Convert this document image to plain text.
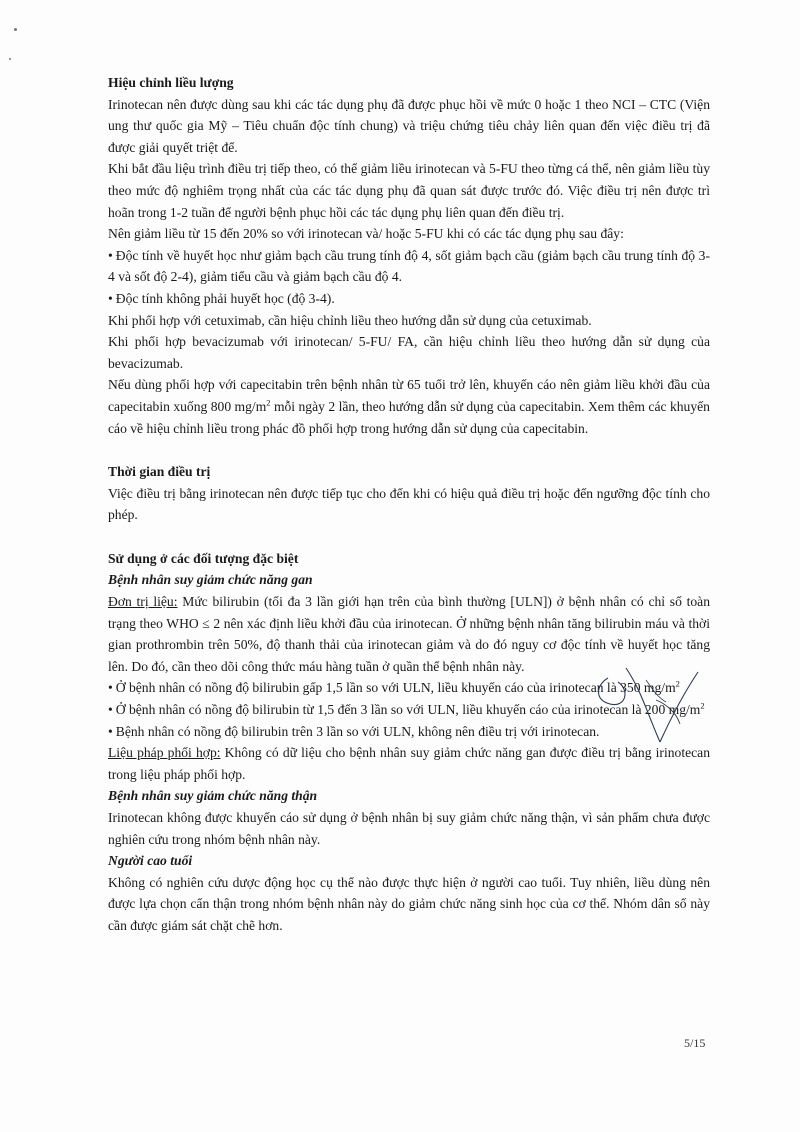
Hiệu chỉnh liều lượng

Irinotecan nên được dùng sau khi các tác dụng phụ đã được phục hồi về mức 0 hoặc 1 theo NCI – CTC (Viện ung thư quốc gia Mỹ – Tiêu chuẩn độc tính chung) và triệu chứng tiêu chảy liên quan đến việc điều trị đã được giải quyết triệt để.

Khi bắt đầu liệu trình điều trị tiếp theo, có thể giảm liều irinotecan và 5-FU theo từng cá thể, nên giảm liều tùy theo mức độ nghiêm trọng nhất của các tác dụng phụ đã quan sát được trước đó. Việc điều trị nên được trì hoãn trong 1-2 tuần để người bệnh phục hồi các tác dụng phụ liên quan đến điều trị.

Nên giảm liều từ 15 đến 20% so với irinotecan và/ hoặc 5-FU khi có các tác dụng phụ sau đây:

• Độc tính về huyết học như giảm bạch cầu trung tính độ 4, sốt giảm bạch cầu (giảm bạch cầu trung tính độ 3-4 và sốt độ 2-4), giảm tiểu cầu và giảm bạch cầu độ 4.

• Độc tính không phải huyết học (độ 3-4).

Khi phối hợp với cetuximab, cần hiệu chỉnh liều theo hướng dẫn sử dụng của cetuximab.

Khi phối hợp bevacizumab với irinotecan/ 5-FU/ FA, cần hiệu chỉnh liều theo hướng dẫn sử dụng của bevacizumab.

Nếu dùng phối hợp với capecitabin trên bệnh nhân từ 65 tuổi trở lên, khuyến cáo nên giảm liều khởi đầu của capecitabin xuống 800 $mg/m^2$ mỗi ngày 2 lần, theo hướng dẫn sử dụng của capecitabin. Xem thêm các khuyến cáo về hiệu chỉnh liều trong phác đồ phối hợp trong hướng dẫn sử dụng của capecitabin.

Thời gian điều trị

Việc điều trị bằng irinotecan nên được tiếp tục cho đến khi có hiệu quả điều trị hoặc đến ngưỡng độc tính cho phép.

Sử dụng ở các đối tượng đặc biệt

Bệnh nhân suy giảm chức năng gan

Đơn trị liệu: Mức bilirubin (tối đa 3 lần giới hạn trên của bình thường [ULN]) ở bệnh nhân có chỉ số toàn trạng theo WHO ≤ 2 nên xác định liều khởi đầu của irinotecan. Ở những bệnh nhân tăng bilirubin máu và thời gian prothrombin trên 50%, độ thanh thải của irinotecan giảm và do đó nguy cơ độc tính về huyết học tăng lên. Do đó, cần theo dõi công thức máu hàng tuần ở quần thể bệnh nhân này.

• Ở bệnh nhân có nồng độ bilirubin gấp 1,5 lần so với ULN, liều khuyến cáo của irinotecan là 350 $mg/m^2$

• Ở bệnh nhân có nồng độ bilirubin từ 1,5 đến 3 lần so với ULN, liều khuyến cáo của irinotecan là 200 $mg/m^2$

• Bệnh nhân có nồng độ bilirubin trên 3 lần so với ULN, không nên điều trị với irinotecan.

Liệu pháp phối hợp: Không có dữ liệu cho bệnh nhân suy giảm chức năng gan được điều trị bằng irinotecan trong liệu pháp phối hợp.

Bệnh nhân suy giảm chức năng thận

Irinotecan không được khuyến cáo sử dụng ở bệnh nhân bị suy giảm chức năng thận, vì sản phẩm chưa được nghiên cứu trong nhóm bệnh nhân này.

Người cao tuổi

Không có nghiên cứu dược động học cụ thể nào được thực hiện ở người cao tuổi. Tuy nhiên, liều dùng nên được lựa chọn cẩn thận trong nhóm bệnh nhân này do giảm chức năng sinh học của cơ thể. Nhóm dân số này cần được giám sát chặt chẽ hơn.

5/15
